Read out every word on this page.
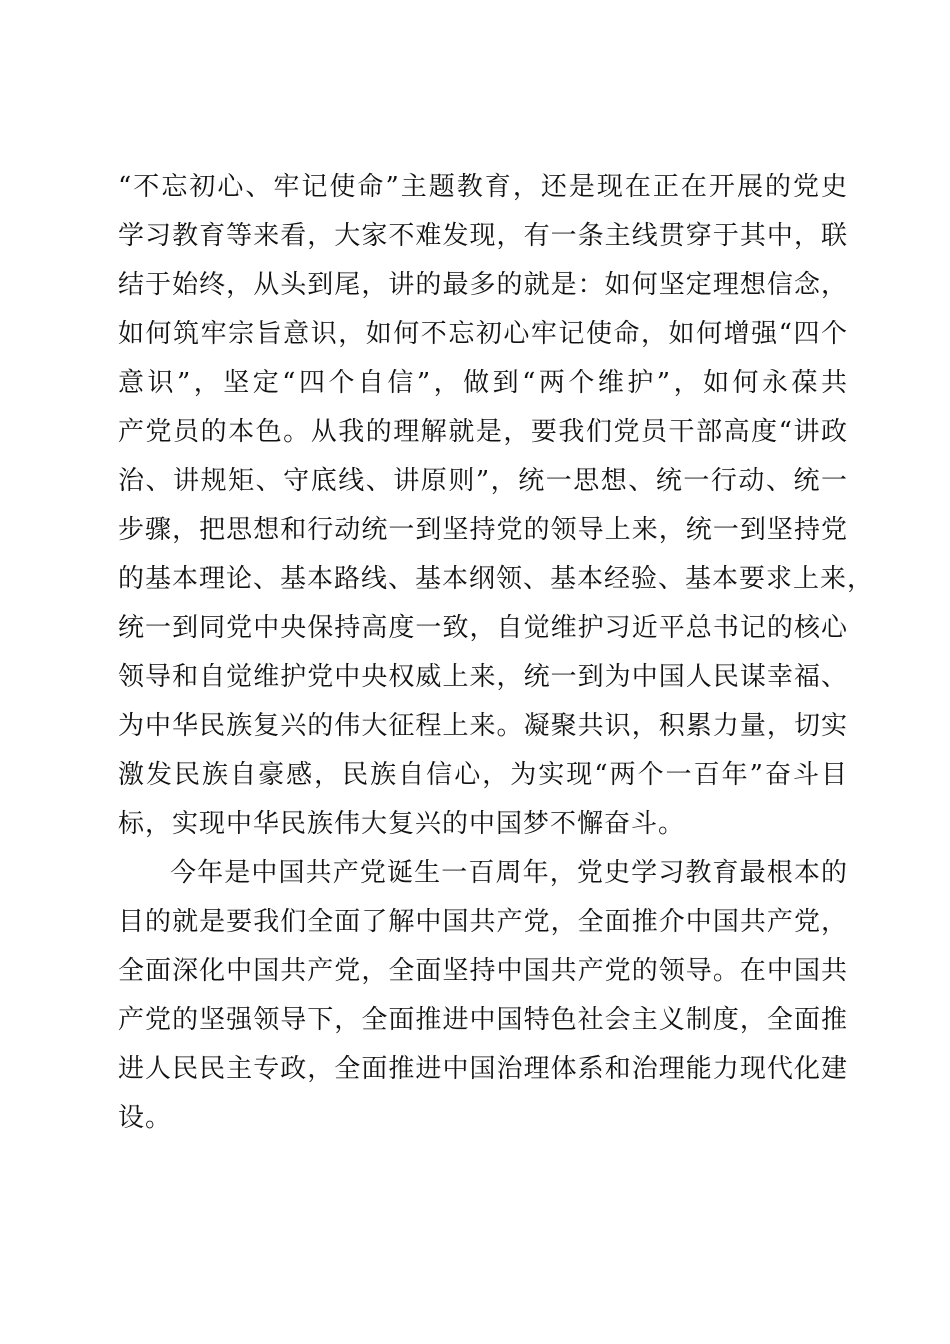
“不忘初心、牢记使命”主题教育，还是现在正在开展的党史
学习教育等来看，大家不难发现，有一条主线贯穿于其中，联
结于始终，从头到尾，讲的最多的就是：如何坚定理想信念，
如何筑牢宗旨意识，如何不忘初心牢记使命，如何增强“四个
意识”，坚定“四个自信”，做到“两个维护”，如何永葆共
产党员的本色。从我的理解就是，要我们党员干部高度“讲政
治、讲规矩、守底线、讲原则”，统一思想、统一行动、统一
步骤，把思想和行动统一到坚持党的领导上来，统一到坚持党
的基本理论、基本路线、基本纲领、基本经验、基本要求上来，
统一到同党中央保持高度一致，自觉维护习近平总书记的核心
领导和自觉维护党中央权威上来，统一到为中国人民谋幸福、
为中华民族复兴的伟大征程上来。凝聚共识，积累力量，切实
激发民族自豪感，民族自信心，为实现“两个一百年”奋斗目
标，实现中华民族伟大复兴的中国梦不懈奋斗。
今年是中国共产党诞生一百周年，党史学习教育最根本的
目的就是要我们全面了解中国共产党，全面推介中国共产党，
全面深化中国共产党，全面坚持中国共产党的领导。在中国共
产党的坚强领导下，全面推进中国特色社会主义制度，全面推
进人民民主专政，全面推进中国治理体系和治理能力现代化建
设。
